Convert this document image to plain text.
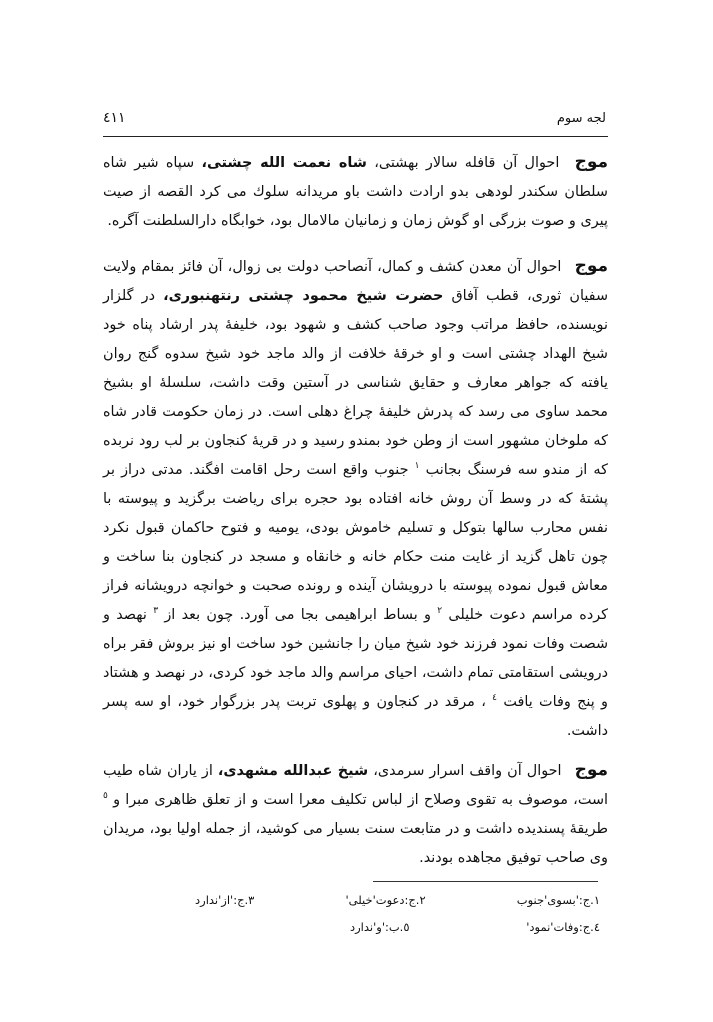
لجه سوم
٤١١

موج احوال آن قافله سالار بهشتی، شاه نعمت الله چشتی، سپاه شیر شاه سلطان سکندر لودهی بدو ارادت داشت باو مریدانه سلوك می کرد القصه از صیت پیری و صوت بزرگی او گوش زمان و زمانیان مالامال بود، خوابگاه دارالسلطنت آگره.

موج احوال آن معدن کشف و کمال، آنصاحب دولت بی زوال، آن فائز بمقام ولایت سفیان ثوری، قطب آفاق حضرت شیخ محمود چشتی رنتهنبوری، در گلزار نویسنده، حافظ مراتب وجود صاحب کشف و شهود بود، خلیفهٔ پدر ارشاد پناه خود شیخ الهداد چشتی است و او خرقهٔ خلافت از والد ماجد خود شیخ سدوه گنج روان یافته که جواهر معارف و حقایق شناسی در آستین وقت داشت، سلسلهٔ او بشیخ محمد ساوی می رسد که پدرش خلیفهٔ چراغ دهلی است. در زمان حکومت قادر شاه که ملوخان مشهور است از وطن خود بمندو رسید و در قریهٔ کنجاون بر لب رود نربده که از مندو سه فرسنگ بجانب $^١$ جنوب واقع است رحل اقامت افگند. مدتی دراز بر پشتهٔ که در وسط آن روش خانه افتاده بود حجره برای ریاضت برگزید و پیوسته با نفس محارب سالها بتوکل و تسلیم خاموش بودی، یومیه و فتوح حاکمان قبول نکرد چون تاهل گزید از غایت منت حکام خانه و خانقاه و مسجد در کنجاون بنا ساخت و معاش قبول نموده پیوسته با درویشان آینده و رونده صحبت و خوانچه درویشانه فراز کرده مراسم دعوت خلیلی $^٢$ و بساط ابراهیمی بجا می آورد. چون بعد از $^٣$ نهصد و شصت وفات نمود فرزند خود شیخ میان را جانشین خود ساخت او نیز بروش فقر براه درویشی استقامتی تمام داشت، احیای مراسم والد ماجد خود کردی، در نهصد و هشتاد و پنج وفات یافت $^٤$ ، مرقد در کنجاون و پهلوی تربت پدر بزرگوار خود، او سه پسر داشت.

موج احوال آن واقف اسرار سرمدی، شیخ عبدالله مشهدی، از یاران شاه طیب است، موصوف به تقوی وصلاح از لباس تکلیف معرا است و از تعلق ظاهری مبرا و $^٥$ طریقهٔ پسندیده داشت و در متابعت سنت بسیار می کوشید، از جمله اولیا بود، مریدان وی صاحب توفیق مجاهده بودند.

١.ج:'بسوی'جنوب
٢.ج:دعوت'خیلی'
٣.ج:'از'ندارد
٤.ج:وفات'نمود'
٥.ب:'و'ندارد
